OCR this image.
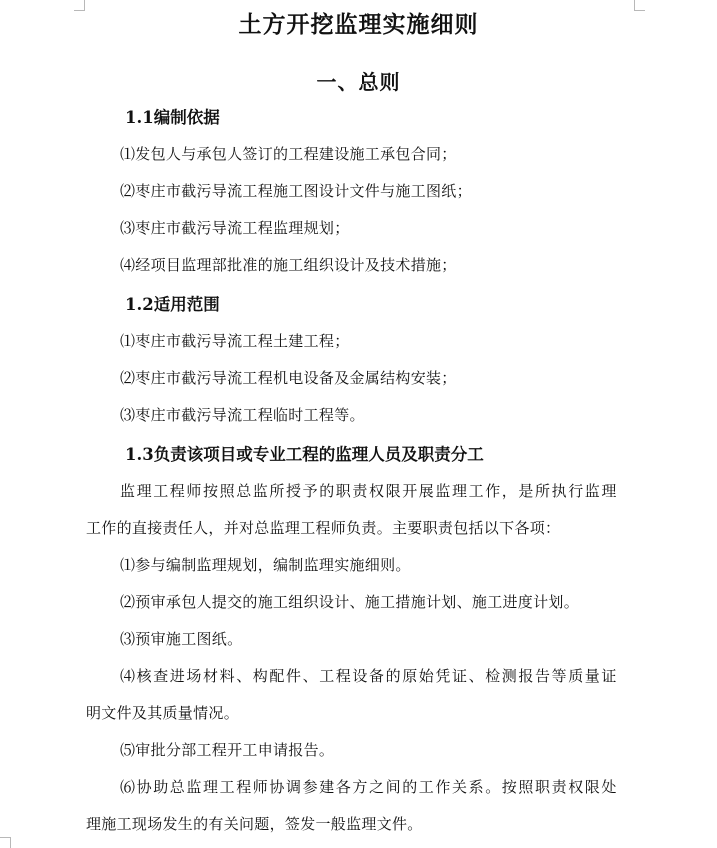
土方开挖监理实施细则
一、总则
1.1编制依据
⑴发包人与承包人签订的工程建设施工承包合同；
⑵枣庄市截污导流工程施工图设计文件与施工图纸；
⑶枣庄市截污导流工程监理规划；
⑷经项目监理部批准的施工组织设计及技术措施；
1.2适用范围
⑴枣庄市截污导流工程土建工程；
⑵枣庄市截污导流工程机电设备及金属结构安装；
⑶枣庄市截污导流工程临时工程等。
1.3负责该项目或专业工程的监理人员及职责分工
监理工程师按照总监所授予的职责权限开展监理工作，是所执行监理
工作的直接责任人，并对总监理工程师负责。主要职责包括以下各项：
⑴参与编制监理规划，编制监理实施细则。
⑵预审承包人提交的施工组织设计、施工措施计划、施工进度计划。
⑶预审施工图纸。
⑷核查进场材料、构配件、工程设备的原始凭证、检测报告等质量证
明文件及其质量情况。
⑸审批分部工程开工申请报告。
⑹协助总监理工程师协调参建各方之间的工作关系。按照职责权限处
理施工现场发生的有关问题，签发一般监理文件。
